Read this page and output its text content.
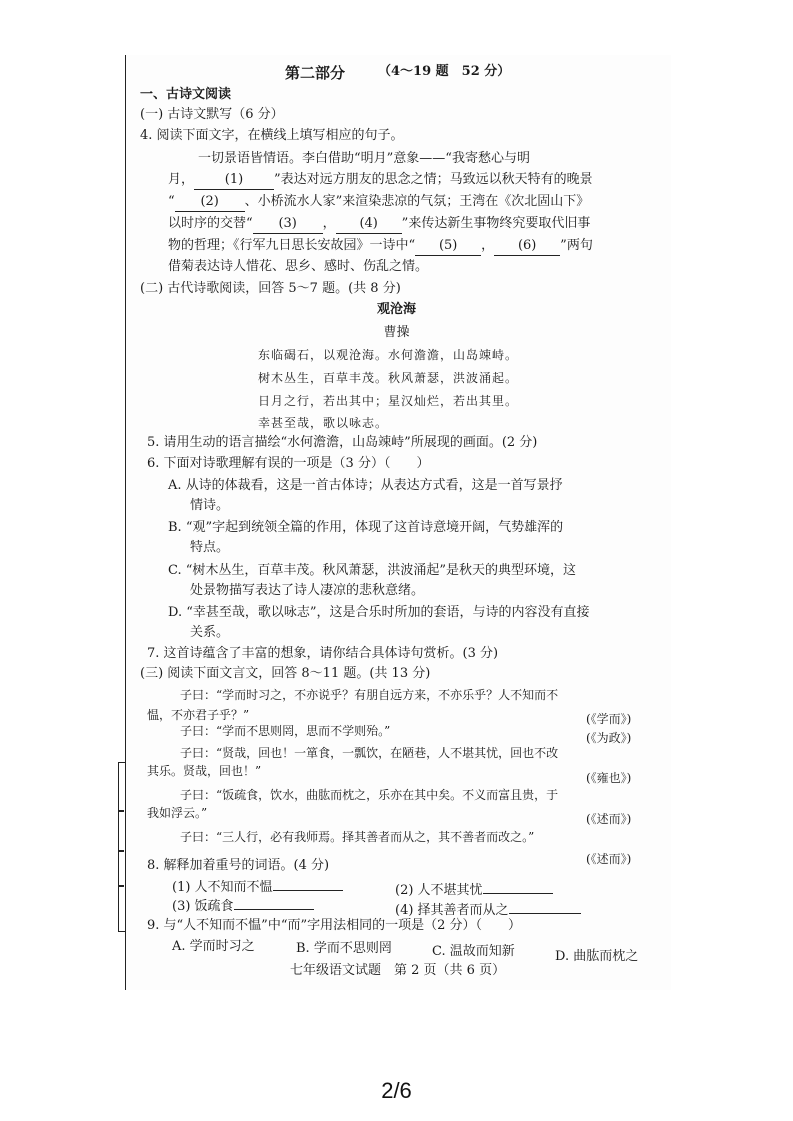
第二部分	（4～19 题　52 分）
一、古诗文阅读
(一) 古诗文默写（6 分）
4. 阅读下面文字，在横线上填写相应的句子。
一切景语皆情语。李白借助“明月”意象——“我寄愁心与明
月， (1) ”表达对远方朋友的思念之情；马致远以秋天特有的晚景
“ (2) 、小桥流水人家”来渲染悲凉的气氛；王湾在《次北固山下》
以时序的交替“ (3) ， (4) ”来传达新生事物终究要取代旧事
物的哲理；《行军九日思长安故园》一诗中“ (5) ， (6) ”两句
借菊表达诗人惜花、思乡、感时、伤乱之情。
(二) 古代诗歌阅读，回答 5～7 题。(共 8 分)
观沧海
曹操
东临碣石，以观沧海。水何澹澹，山岛竦峙。
树木丛生，百草丰茂。秋风萧瑟，洪波涌起。
日月之行，若出其中；星汉灿烂，若出其里。
幸甚至哉，歌以咏志。
5. 请用生动的语言描绘“水何澹澹，山岛竦峙”所展现的画面。(2 分)
6. 下面对诗歌理解有误的一项是（3 分）（　　）
A. 从诗的体裁看，这是一首古体诗；从表达方式看，这是一首写景抒
情诗。
B. “观”字起到统领全篇的作用，体现了这首诗意境开阔，气势雄浑的
特点。
C. “树木丛生，百草丰茂。秋风萧瑟，洪波涌起”是秋天的典型环境，这
处景物描写表达了诗人凄凉的悲秋意绪。
D. “幸甚至哉，歌以咏志”，这是合乐时所加的套语，与诗的内容没有直接
关系。
7. 这首诗蕴含了丰富的想象，请你结合具体诗句赏析。(3 分)
(三) 阅读下面文言文，回答 8～11 题。(共 13 分)
子曰：“学而时习之，不亦说乎？有朋自远方来，不亦乐乎？人不知而不
愠，不亦君子乎？”	(《学而》)
子曰：“学而不思则罔，思而不学则殆。”	(《为政》)
子曰：“贤哉，回也！一箪食，一瓢饮，在陋巷，人不堪其忧，回也不改
其乐。贤哉，回也！”	(《雍也》)
子曰：“饭疏食，饮水，曲肱而枕之，乐亦在其中矣。不义而富且贵，于
我如浮云。”	(《述而》)
子曰：“三人行，必有我师焉。择其善者而从之，其不善者而改之。”
(《述而》)
8. 解释加着重号的词语。(4 分)
(1) 人不知而不愠	(2) 人不堪其忧
(3) 饭疏食	(4) 择其善者而从之
9. 与“人不知而不愠”中“而”字用法相同的一项是（2 分）（　　）
A. 学而时习之	B. 学而不思则罔	C. 温故而知新	D. 曲肱而枕之
七年级语文试题　第 2 页（共 6 页）
2/6
